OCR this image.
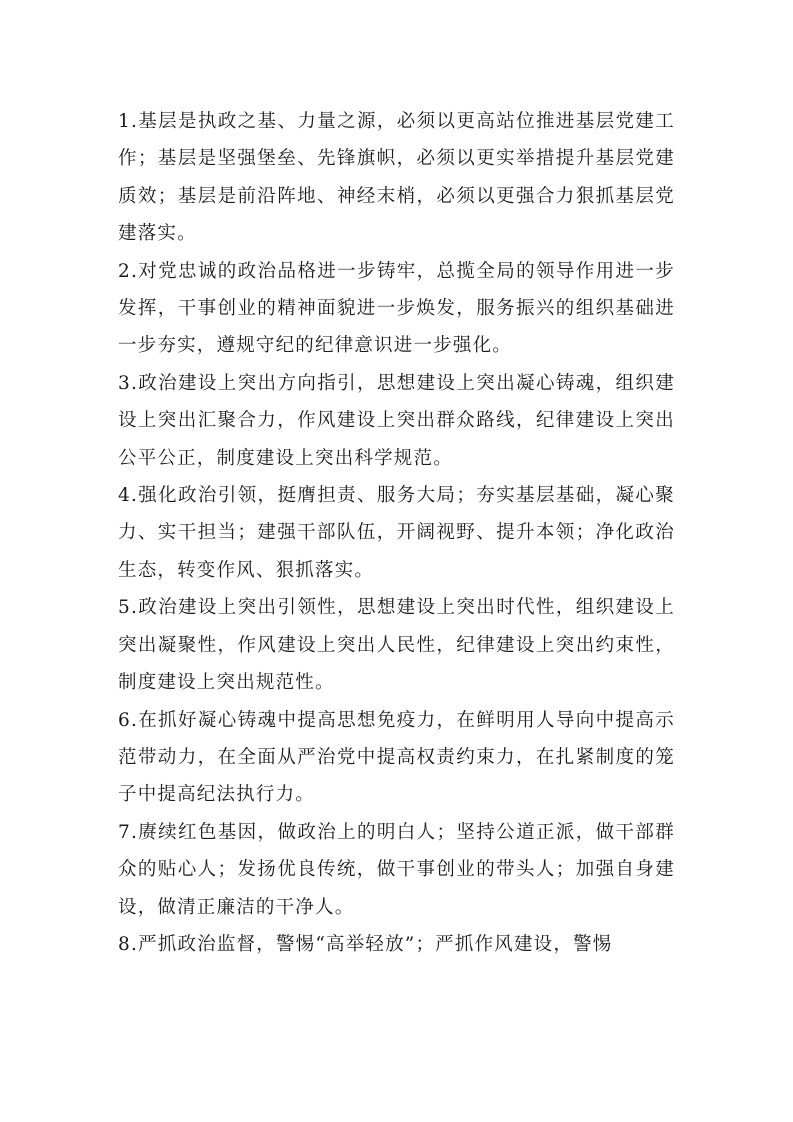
1.基层是执政之基、力量之源，必须以更高站位推进基层党建工作；基层是坚强堡垒、先锋旗帜，必须以更实举措提升基层党建质效；基层是前沿阵地、神经末梢，必须以更强合力狠抓基层党建落实。

2.对党忠诚的政治品格进一步铸牢，总揽全局的领导作用进一步发挥，干事创业的精神面貌进一步焕发，服务振兴的组织基础进一步夯实，遵规守纪的纪律意识进一步强化。

3.政治建设上突出方向指引，思想建设上突出凝心铸魂，组织建设上突出汇聚合力，作风建设上突出群众路线，纪律建设上突出公平公正，制度建设上突出科学规范。

4.强化政治引领，挺膺担责、服务大局；夯实基层基础，凝心聚力、实干担当；建强干部队伍，开阔视野、提升本领；净化政治生态，转变作风、狠抓落实。

5.政治建设上突出引领性，思想建设上突出时代性，组织建设上突出凝聚性，作风建设上突出人民性，纪律建设上突出约束性，制度建设上突出规范性。

6.在抓好凝心铸魂中提高思想免疫力，在鲜明用人导向中提高示范带动力，在全面从严治党中提高权责约束力，在扎紧制度的笼子中提高纪法执行力。

7.赓续红色基因，做政治上的明白人；坚持公道正派，做干部群众的贴心人；发扬优良传统，做干事创业的带头人；加强自身建设，做清正廉洁的干净人。

8.严抓政治监督，警惕“高举轻放”；严抓作风建设，警惕
